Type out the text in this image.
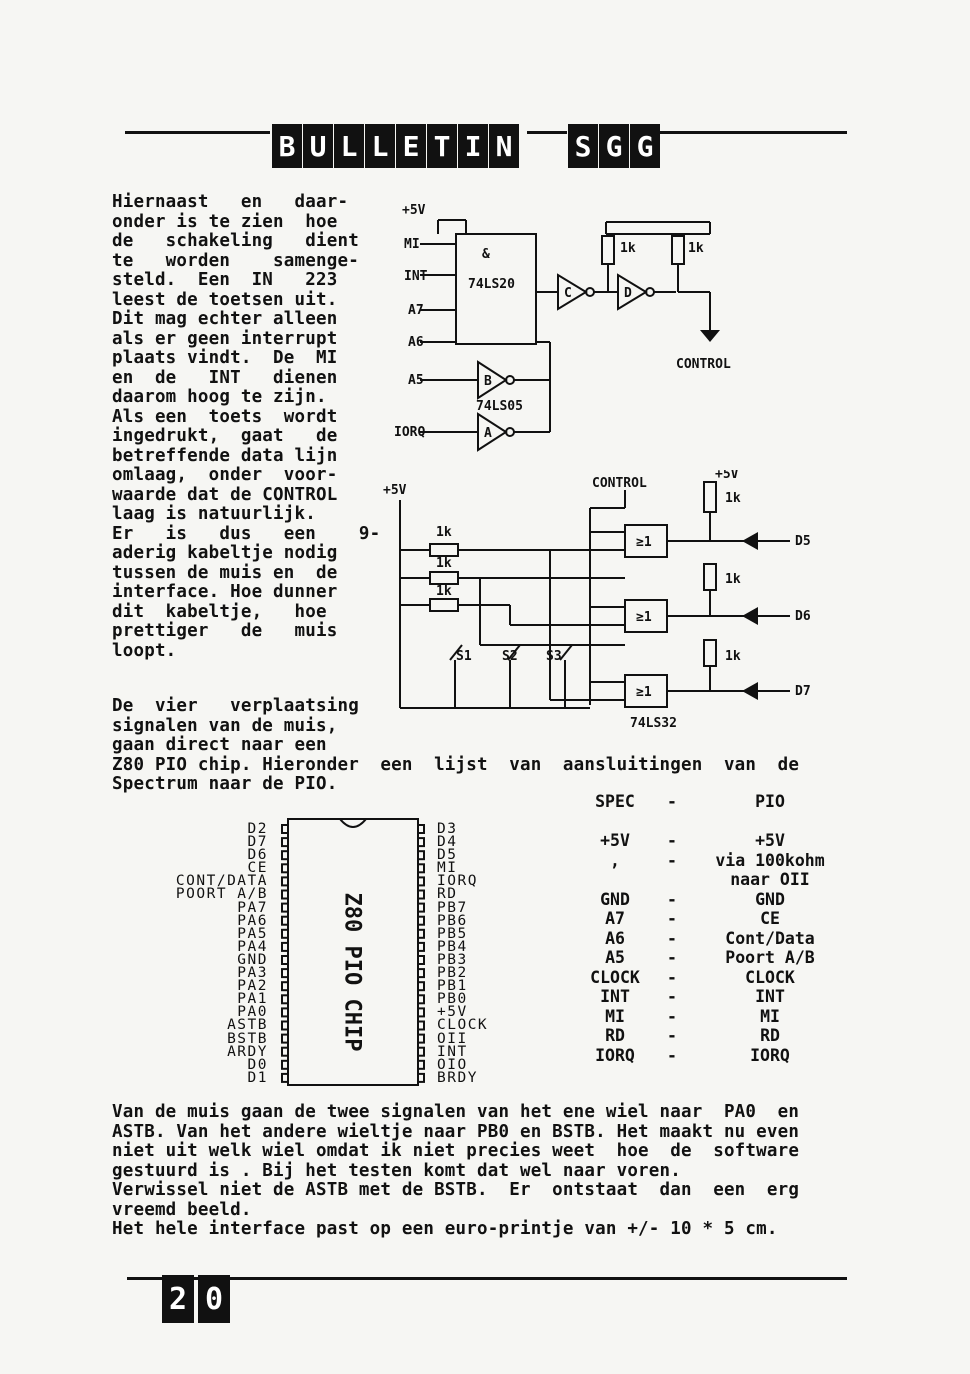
B U L L E T I N S G G
Hiernaast   en   daar-
onder is te zien  hoe
de   schakeling   dient
te   worden    samenge-
steld.  Een  IN   223
leest de toetsen uit.
Dit mag echter alleen
als er geen interrupt
plaats vindt.  De  MI
en  de   INT   dienen
daarom hoog te zijn.
Als een  toets  wordt
ingedrukt,  gaat   de
betreffende data lijn
omlaag,  onder  voor-
waarde dat de CONTROL
laag is natuurlijk.
Er   is   dus   een    9-
aderig kabeltje nodig
tussen de muis en  de
interface. Hoe dunner
dit  kabeltje,   hoe
prettiger   de   muis
loopt.
+5V
MI
INT
A7
A6
A5
IORQ
&
74LS20
74LS05
A
B
C	D
1k	1k
CONTROL
CONTROL
+5V
+5V
1k
1k
1k
1k
1k
1k
S1 S2 S3
≥1
≥1
≥1
D5
D6
D7
74LS32
De  vier   verplaatsing
signalen van de muis,
gaan direct naar een
Z80 PIO chip. Hieronder  een  lijst  van  aansluitingen  van  de
Spectrum naar de PIO.
D2
D7
D6
CE
CONT/DATA
POORT A/B
PA7
PA6
PA5
PA4
GND
PA3
PA2
PA1
PA0
ASTB
BSTB
ARDY
D0
D1
Z80 PIO CHIP
D3
D4
D5
MI
IORQ
RD
PB7
PB6
PB5
PB4
PB3
PB2
PB1
PB0
+5V
CLOCK
OII
INT
OIO
BRDY
SPEC	-	PIO
+5V	-	+5V
,	-	via 100kohm
naar OII
GND	-	GND
A7	-	CE
A6	-	Cont/Data
A5	-	Poort A/B
CLOCK	-	CLOCK
INT	-	INT
MI	-	MI
RD	-	RD
IORQ	-	IORQ
Van de muis gaan de twee signalen van het ene wiel naar  PA0  en
ASTB. Van het andere wieltje naar PB0 en BSTB. Het maakt nu even
niet uit welk wiel omdat ik niet precies weet  hoe  de  software
gestuurd is . Bij het testen komt dat wel naar voren.
Verwissel niet de ASTB met de BSTB.  Er  ontstaat  dan  een  erg
vreemd beeld.
Het hele interface past op een euro-printje van +/- 10 * 5 cm.
2 0
